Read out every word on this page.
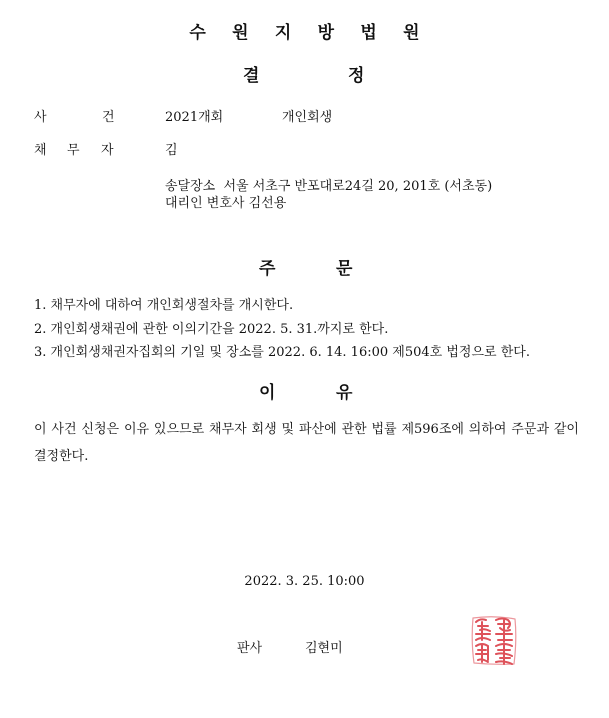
수 원 지 방 법 원
결	정
사	건	2021개회	개인회생
채 무 자	김
송달장소  서울 서초구 반포대로24길 20, 201호 (서초동)
대리인 변호사 김선용
주	문
1. 채무자에 대하여 개인회생절차를 개시한다.
2. 개인회생채권에 관한 이의기간을 2022. 5. 31.까지로 한다.
3. 개인회생채권자집회의 기일 및 장소를 2022. 6. 14. 16:00 제504호 법정으로 한다.
이	유
이 사건 신청은 이유 있으므로 채무자 회생 및 파산에 관한 법률 제596조에 의하여 주문과 같이 결정한다.
2022. 3. 25. 10:00
판사	김현미
